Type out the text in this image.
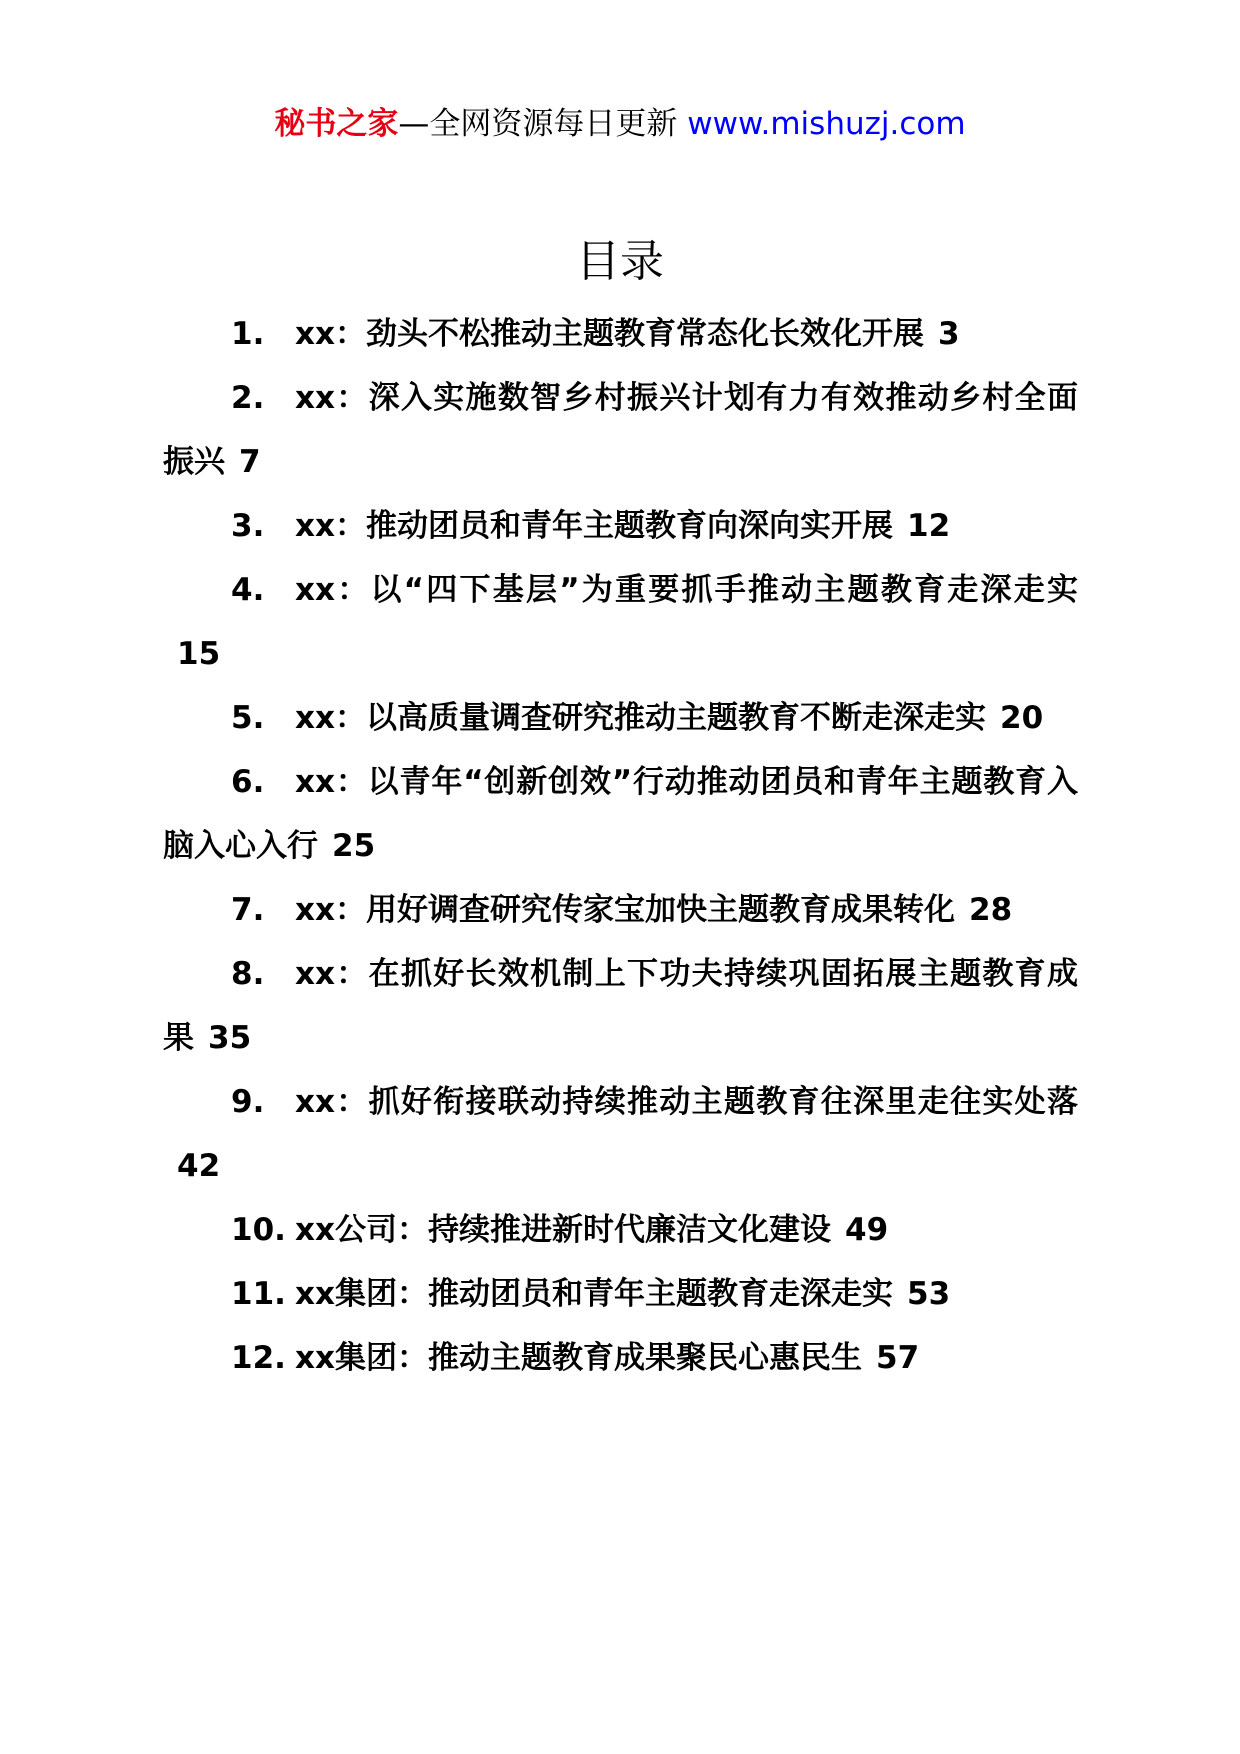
秘书之家—全网资源每日更新 www.mishuzj.com
目录

1. xx：劲头不松推动主题教育常态化长效化开展 3

2. xx：深入实施数智乡村振兴计划有力有效推动乡村全面振兴 7

3. xx：推动团员和青年主题教育向深向实开展 12

4. xx：以“四下基层”为重要抓手推动主题教育走深走实15

5. xx：以高质量调查研究推动主题教育不断走深走实 20

6. xx：以青年“创新创效”行动推动团员和青年主题教育入脑入心入行 25

7. xx：用好调查研究传家宝加快主题教育成果转化 28

8. xx：在抓好长效机制上下功夫持续巩固拓展主题教育成果 35

9. xx：抓好衔接联动持续推动主题教育往深里走往实处落42

10. xx公司：持续推进新时代廉洁文化建设 49

11. xx集团：推动团员和青年主题教育走深走实 53

12. xx集团：推动主题教育成果聚民心惠民生 57
